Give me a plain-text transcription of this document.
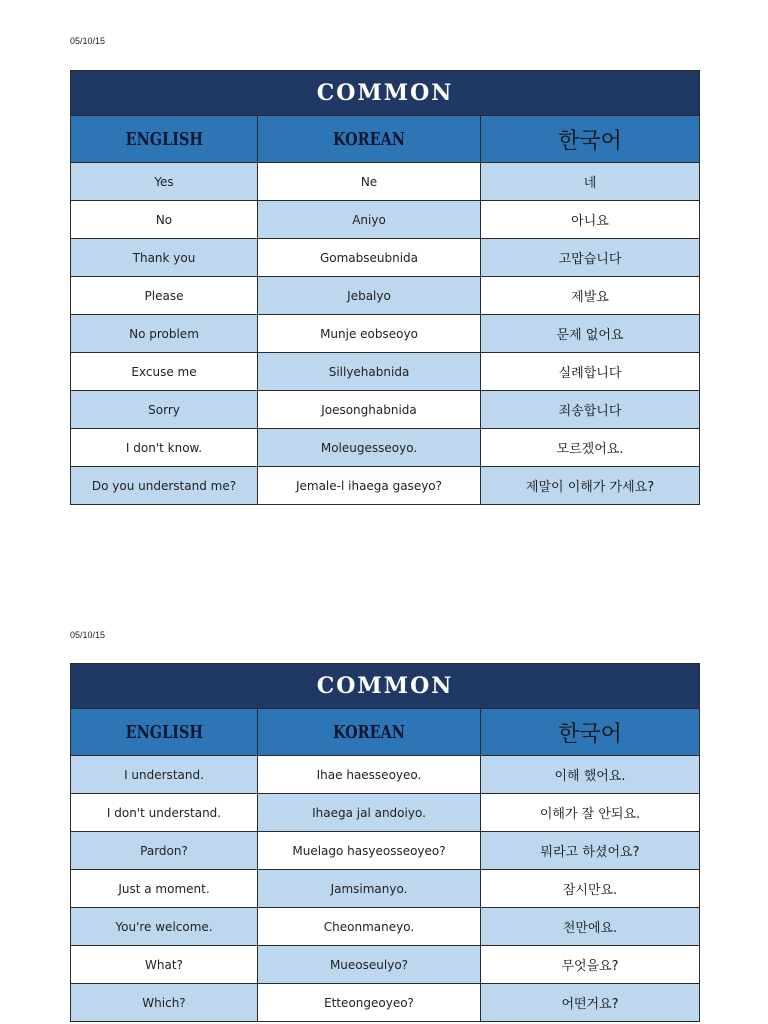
05/10/15
COMMON		
ENGLISH	KOREAN	한국어
Yes	Ne	네
No	Aniyo	아니요
Thank you	Gomabseubnida	고맙습니다
Please	Jebalyo	제발요
No problem	Munje eobseoyo	문제 없어요
Excuse me	Sillyehabnida	실례합니다
Sorry	Joesonghabnida	죄송합니다
I don't know.	Moleugesseoyo.	모르겠어요.
Do you understand me?	Jemale-l ihaega gaseyo?	제말이 이해가 가세요?
05/10/15
COMMON		
ENGLISH	KOREAN	한국어
I understand.	Ihae haesseoyeo.	이해 했어요.
I don't understand.	Ihaega jal andoiyo.	이해가 잘 안되요.
Pardon?	Muelago hasyeosseoyeo?	뭐라고 하셨어요?
Just a moment.	Jamsimanyo.	잠시만요.
You're welcome.	Cheonmaneyo.	천만에요.
What?	Mueoseulyo?	무엇을요?
Which?	Etteongeoyeo?	어떤거요?
